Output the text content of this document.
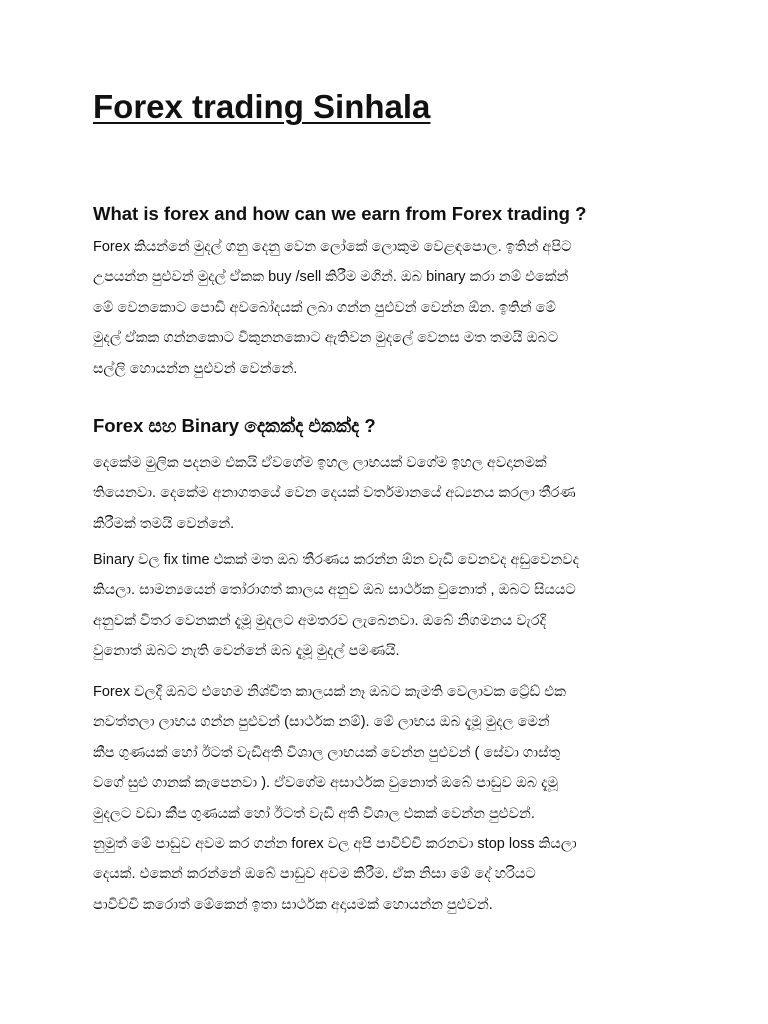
Forex trading Sinhala
What is forex and how can we earn from Forex trading ?
Forex කියන්නේ මුදල් ගනු දෙනු වෙන ලෝකේ ලොකුම වෙළඳපොල. ඉතින් අපිට
උපයන්න පුළුවන් මුදල් ඒකක buy /sell කිරීම මගින්. ඔබ binary කරා නම් එකේන්
මේ වෙනකොට පොඩි අවබෝදයක් ලබා ගන්න පුළුවන් වෙන්න ඕන. ඉතින් මේ
මුදල් ඒකක ගන්නකොට විකුනනකොට ඇතිවන මුදලේ වෙනස මත තමයි ඔබට
සල්ලි හොයන්න පුළුවන් වෙන්නේ.
Forex සහ Binary දෙකක්ද එකක්ද ?
දෙකේම මුලික පදනම එකයි ඒවගේම ඉහල ලාභයක් වගේම ඉහල අවදානමක්
තියෙනවා. දෙකේම අනාගතයේ වෙන දෙයක් වර්තමානයේ අධ්‍යනය කරලා තීරණ
කිරීමක් තමයි වෙන්නේ.
Binary වල fix time එකක් මත ඔබ තීරණය කරන්න ඕන වැඩි වෙනවද අඩුවෙනවද
කියලා. සාමන්‍යයෙන් තෝරාගත් කාලය අනුව ඔබ සාර්ථක වුනොත් , ඔබට සියයට
අනුවක් විතර වෙනකන් දැමූ මුදලට අමතරව ලැබෙනවා. ඔබේ නිගමනය වැරදි
වුනොත් ඔබට නැති වෙන්නේ ඔබ දැමූ මුදල් පමණයි.
Forex වලදී ඔබට එහෙම නිශ්චිත කාලයක් නෑ ඔබට කැමති වෙලාවක ට්‍රේඩ් එක
නවත්තලා ලාභය ගන්න පුළුවන් (සාර්ථක නම්). මේ ලාභය ඔබ දැමූ මුදල මෙන්
කීප ගුණයක් හෝ ඊටත් වැඩිඅති විශාල ලාභයක් වෙන්න පුළුවන් ( සේවා ගාස්තු
වගේ සුළු ගානක් කැපෙනවා ). ඒවගේම අසාර්ථක වුනොත් ඔබේ පාඩුව ඔබ දැමූ
මුදලට වඩා කීප ගුණයක් හෝ ඊටත් වැඩි අති විශාල එකක් වෙන්න පුළුවන්.
නුමුත් මේ පාඩුව අවම කර ගන්න forex වල අපි පාවිච්චි කරනවා stop loss කියලා
දෙයක්. එකෙන් කරන්නේ ඔබේ පාඩුව අවම කිරීම. ඒක නිසා මේ දේ හරියට
පාවිච්චි කරොත් මේකෙන් ඉතා සාර්ථක අදායමක් හොයන්න පුළුවන්.
